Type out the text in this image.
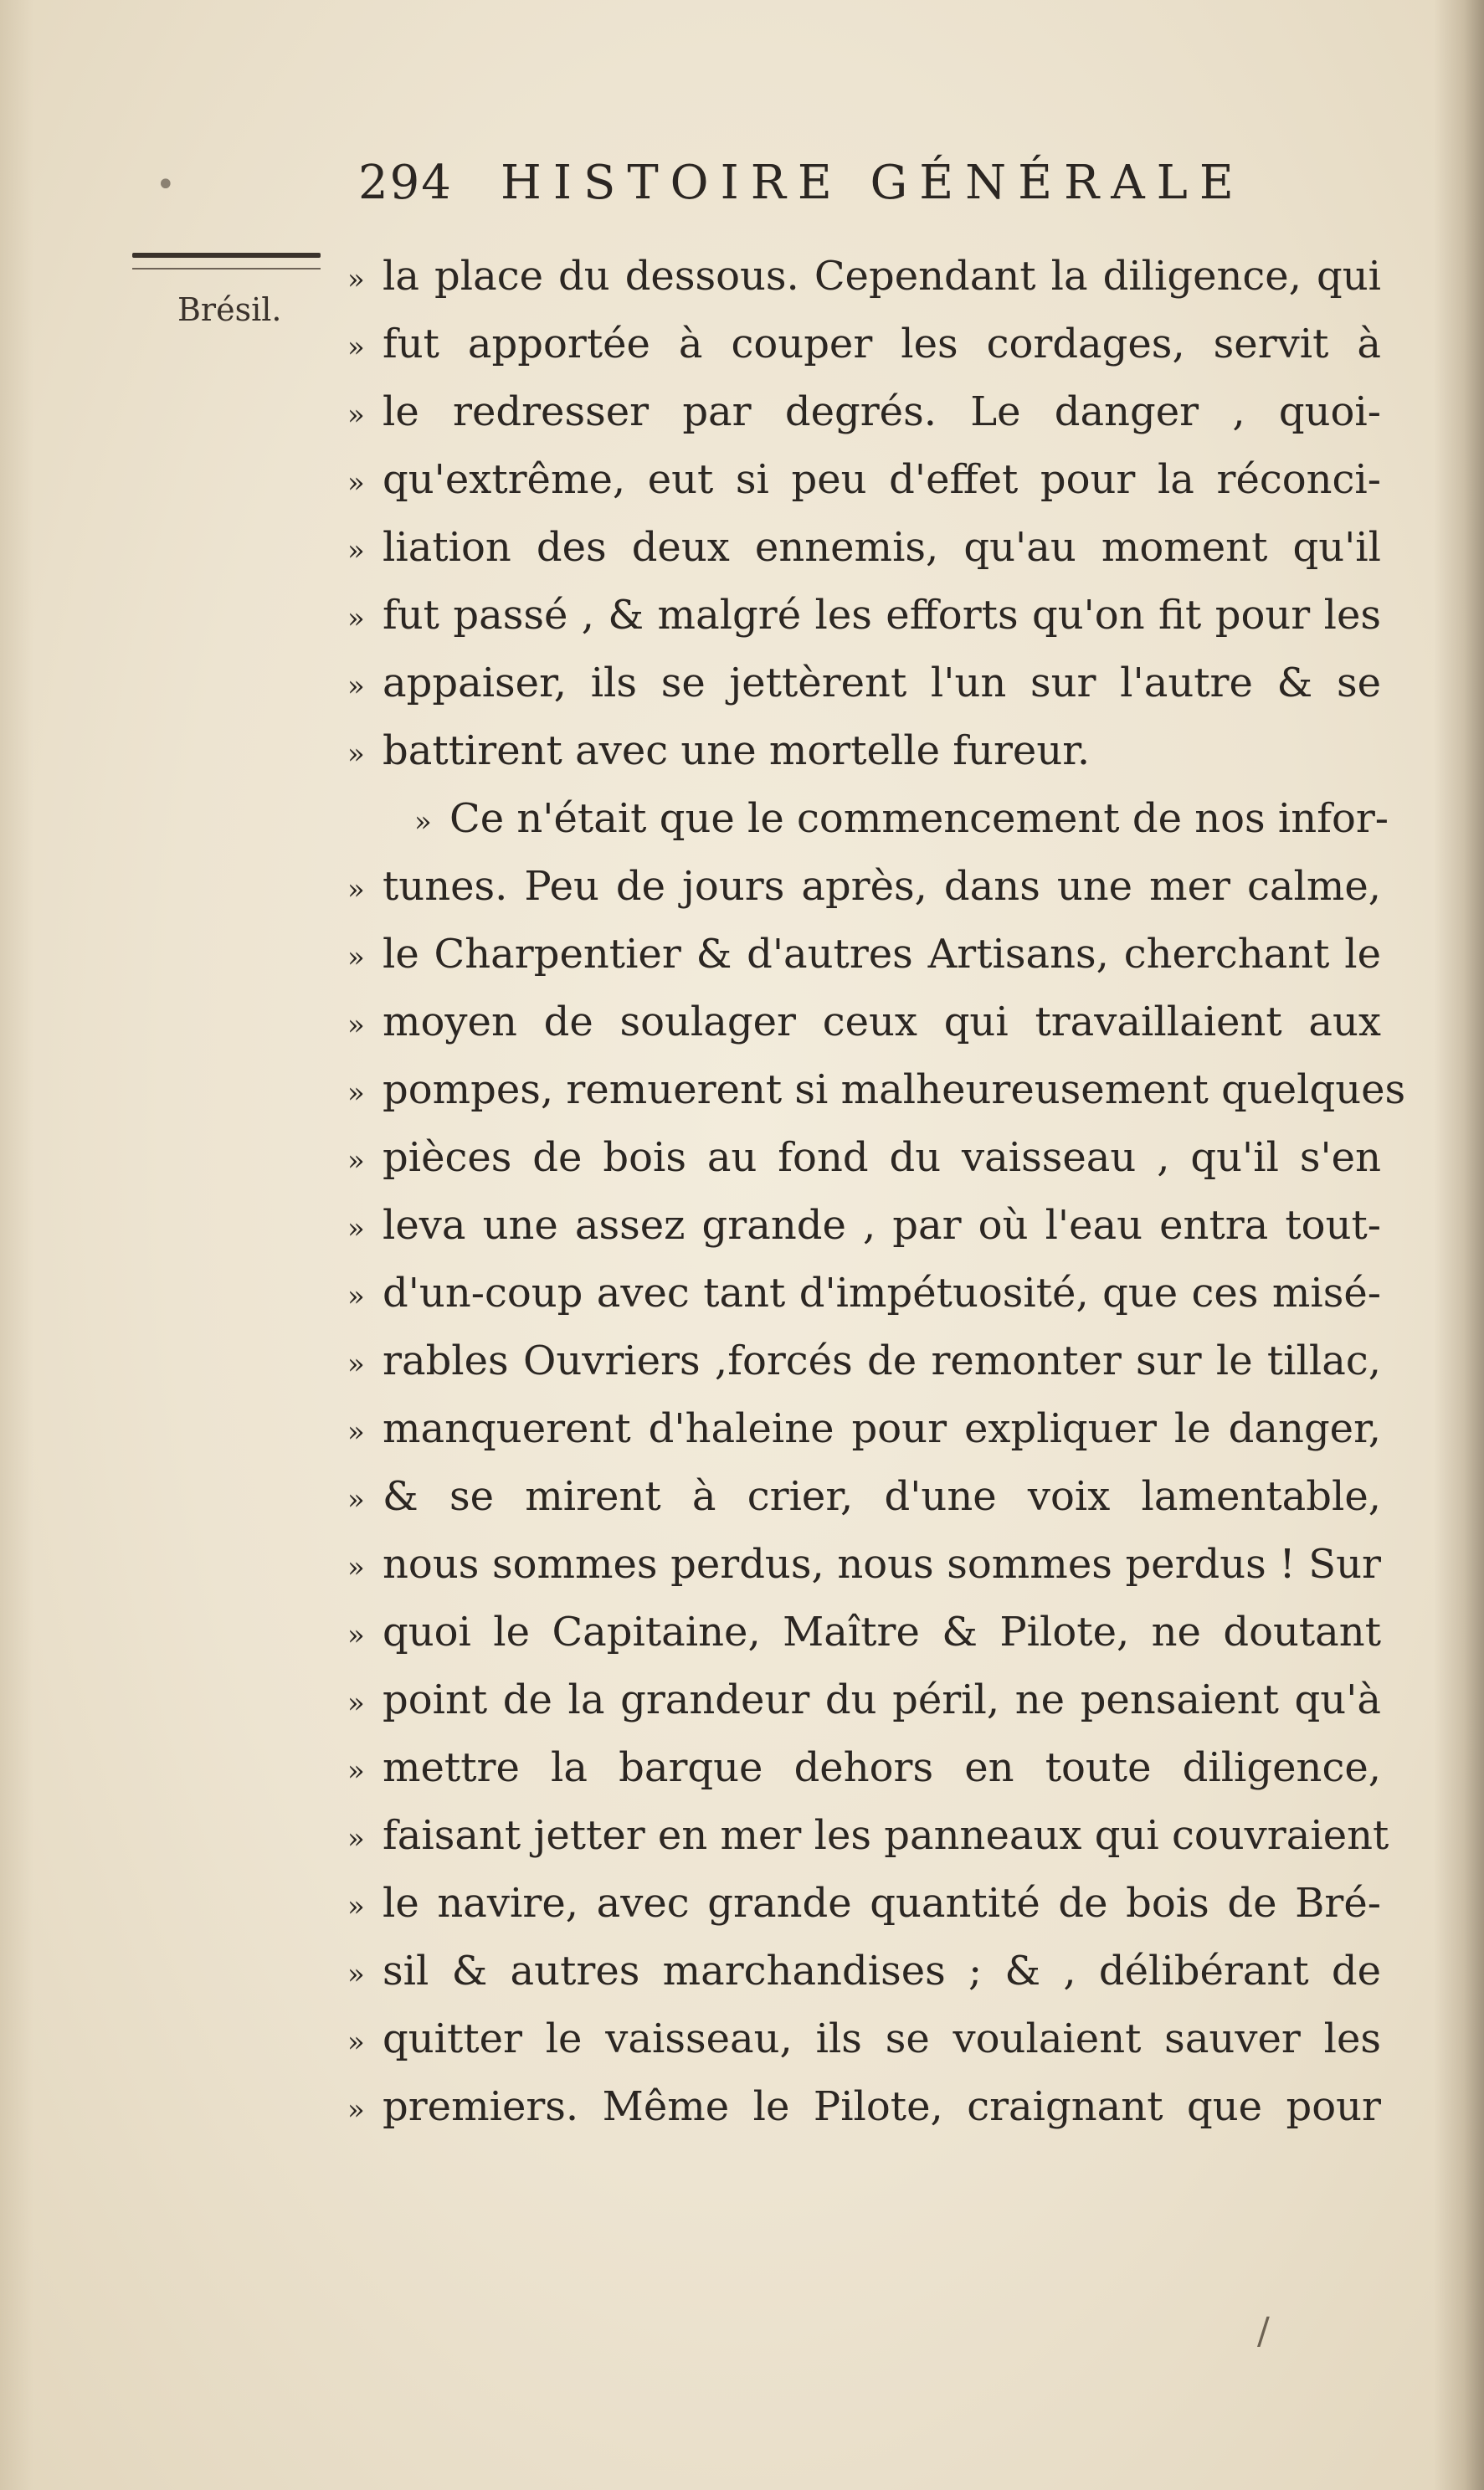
•	294 HISTOIRE GÉNÉRALE
Brésil.
» la place du dessous. Cependant la diligence, qui
» fut apportée à couper les cordages, servit à
» le redresser par degrés. Le danger , quoi-
» qu'extrême, eut si peu d'effet pour la réconci-
» liation des deux ennemis, qu'au moment qu'il
» fut passé , & malgré les efforts qu'on fit pour les
» appaiser, ils se jettèrent l'un sur l'autre & se
» battirent avec une mortelle fureur.
» Ce n'était que le commencement de nos infor-
» tunes. Peu de jours après, dans une mer calme,
» le Charpentier & d'autres Artisans, cherchant le
» moyen de soulager ceux qui travaillaient aux
» pompes, remuerent si malheureusement quelques
» pièces de bois au fond du vaisseau , qu'il s'en
» leva une assez grande , par où l'eau entra tout-
» d'un-coup avec tant d'impétuosité, que ces misé-
» rables Ouvriers ,forcés de remonter sur le tillac,
» manquerent d'haleine pour expliquer le danger,
» & se mirent à crier, d'une voix lamentable,
» nous sommes perdus, nous sommes perdus ! Sur
» quoi le Capitaine, Maître & Pilote, ne doutant
» point de la grandeur du péril, ne pensaient qu'à
» mettre la barque dehors en toute diligence,
» faisant jetter en mer les panneaux qui couvraient
» le navire, avec grande quantité de bois de Bré-
» sil & autres marchandises ; & , délibérant de
» quitter le vaisseau, ils se voulaient sauver les
» premiers. Même le Pilote, craignant que pour
/
